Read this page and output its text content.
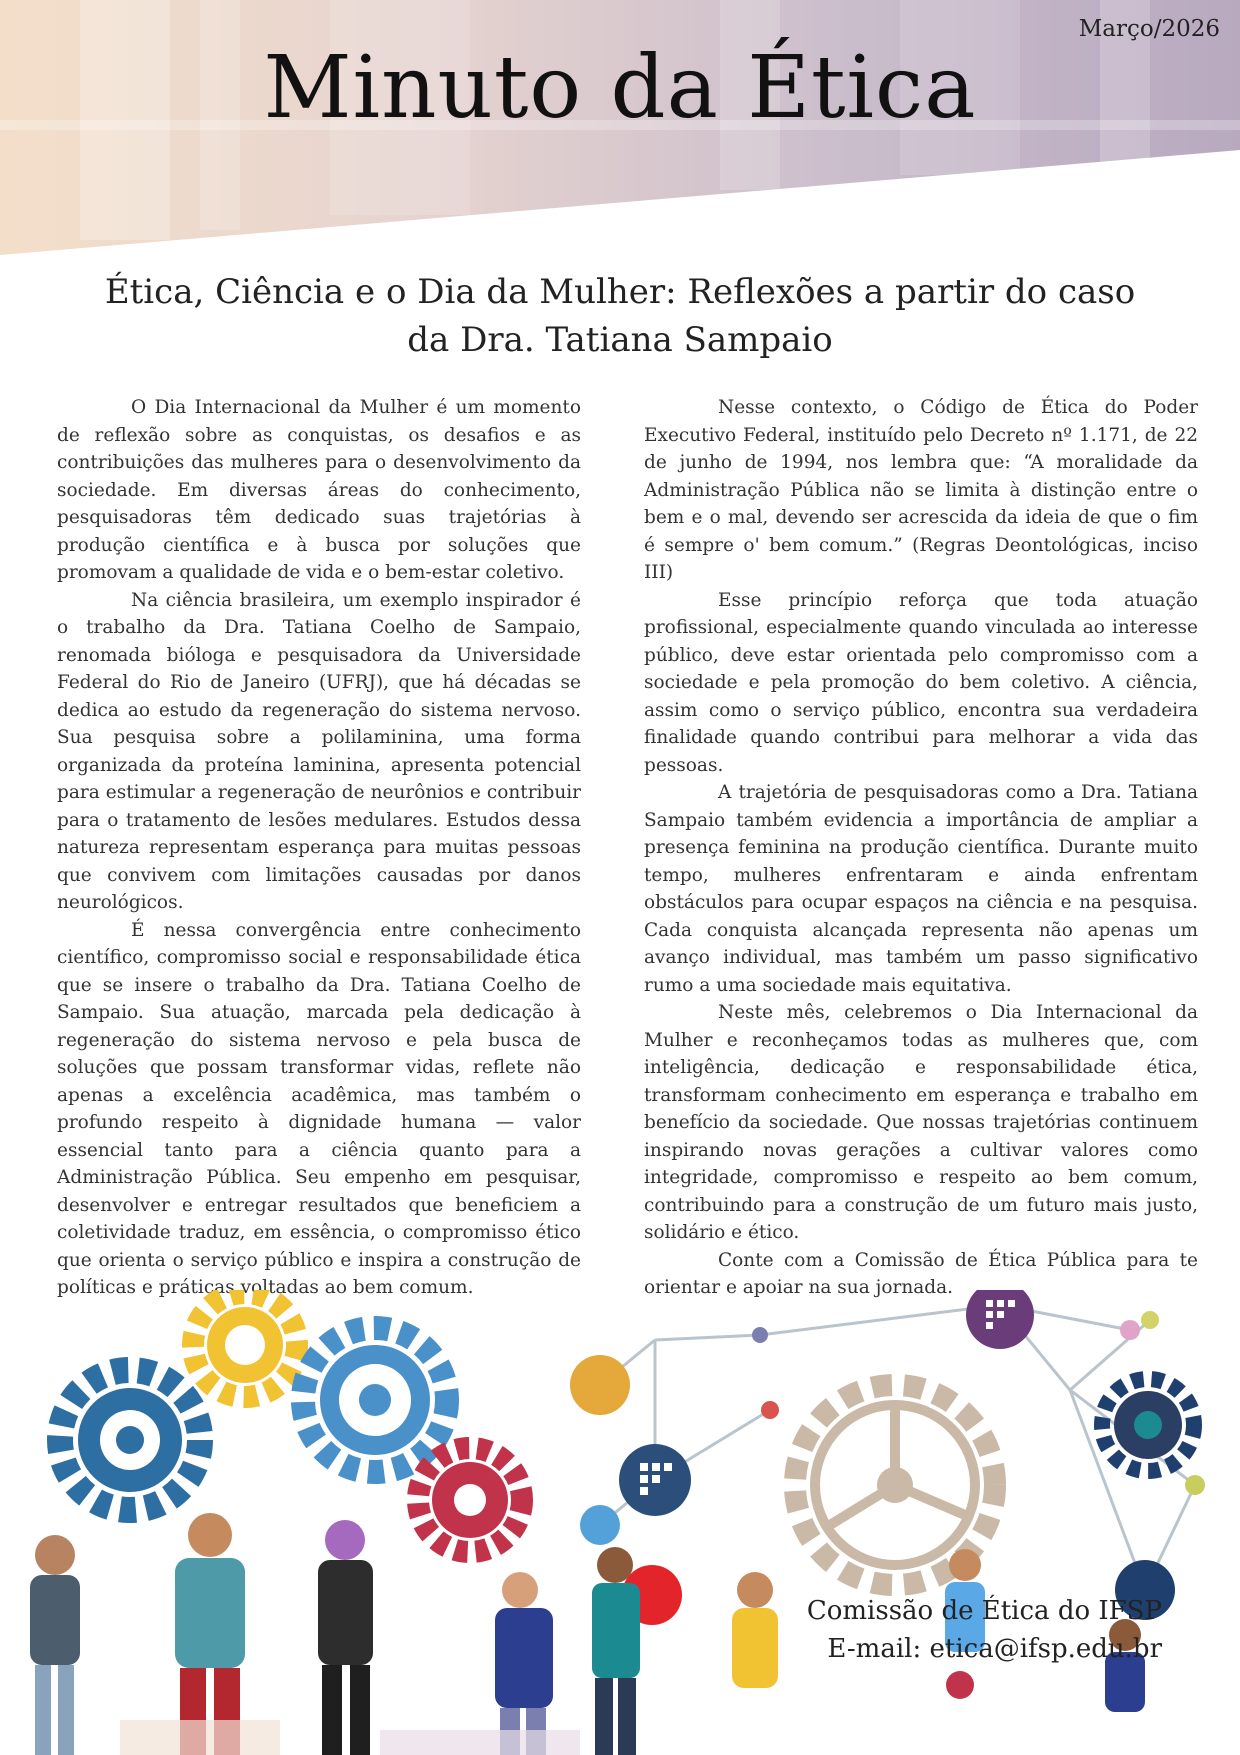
Março/2026
Minuto da Ética
Ética, Ciência e o Dia da Mulher: Reflexões a partir do caso da Dra. Tatiana Sampaio

O Dia Internacional da Mulher é um momento de reflexão sobre as conquistas, os desafios e as contribuições das mulheres para o desenvolvimento da sociedade. Em diversas áreas do conhecimento, pesquisadoras têm dedicado suas trajetórias à produção científica e à busca por soluções que promovam a qualidade de vida e o bem-estar coletivo.

Na ciência brasileira, um exemplo inspirador é o trabalho da Dra. Tatiana Coelho de Sampaio, renomada bióloga e pesquisadora da Universidade Federal do Rio de Janeiro (UFRJ), que há décadas se dedica ao estudo da regeneração do sistema nervoso. Sua pesquisa sobre a polilaminina, uma forma organizada da proteína laminina, apresenta potencial para estimular a regeneração de neurônios e contribuir para o tratamento de lesões medulares. Estudos dessa natureza representam esperança para muitas pessoas que convivem com limitações causadas por danos neurológicos.

É nessa convergência entre conhecimento científico, compromisso social e responsabilidade ética que se insere o trabalho da Dra. Tatiana Coelho de Sampaio. Sua atuação, marcada pela dedicação à regeneração do sistema nervoso e pela busca de soluções que possam transformar vidas, reflete não apenas a excelência acadêmica, mas também o profundo respeito à dignidade humana — valor essencial tanto para a ciência quanto para a Administração Pública. Seu empenho em pesquisar, desenvolver e entregar resultados que beneficiem a coletividade traduz, em essência, o compromisso ético que orienta o serviço público e inspira a construção de políticas e práticas voltadas ao bem comum.

Nesse contexto, o Código de Ética do Poder Executivo Federal, instituído pelo Decreto nº 1.171, de 22 de junho de 1994, nos lembra que: “A moralidade da Administração Pública não se limita à distinção entre o bem e o mal, devendo ser acrescida da ideia de que o fim é sempre o' bem comum.” (Regras Deontológicas, inciso III)

Esse princípio reforça que toda atuação profissional, especialmente quando vinculada ao interesse público, deve estar orientada pelo compromisso com a sociedade e pela promoção do bem coletivo. A ciência, assim como o serviço público, encontra sua verdadeira finalidade quando contribui para melhorar a vida das pessoas.

A trajetória de pesquisadoras como a Dra. Tatiana Sampaio também evidencia a importância de ampliar a presença feminina na produção científica. Durante muito tempo, mulheres enfrentaram e ainda enfrentam obstáculos para ocupar espaços na ciência e na pesquisa. Cada conquista alcançada representa não apenas um avanço individual, mas também um passo significativo rumo a uma sociedade mais equitativa.

Neste mês, celebremos o Dia Internacional da Mulher e reconheçamos todas as mulheres que, com inteligência, dedicação e responsabilidade ética, transformam conhecimento em esperança e trabalho em benefício da sociedade. Que nossas trajetórias continuem inspirando novas gerações a cultivar valores como integridade, compromisso e respeito ao bem comum, contribuindo para a construção de um futuro mais justo, solidário e ético.

Conte com a Comissão de Ética Pública para te orientar e apoiar na sua jornada.

Comissão de Ética do IFSP
E-mail: etica@ifsp.edu.br
